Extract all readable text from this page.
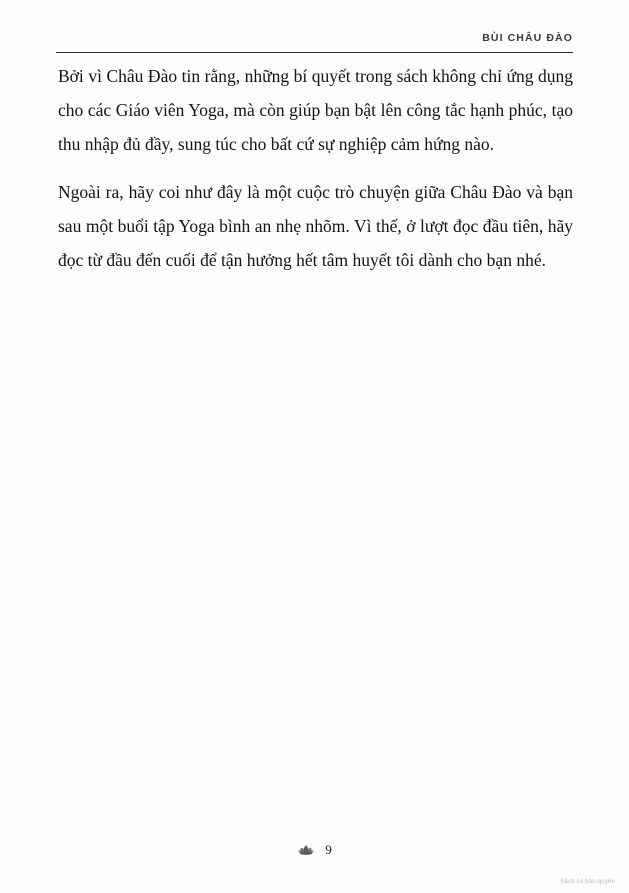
BÙI CHÂU ĐÀO

Bởi vì Châu Đào tin rằng, những bí quyết trong sách không chỉ ứng dụng cho các Giáo viên Yoga, mà còn giúp bạn bật lên công tắc hạnh phúc, tạo thu nhập đủ đầy, sung túc cho bất cứ sự nghiệp cảm hứng nào.

Ngoài ra, hãy coi như đây là một cuộc trò chuyện giữa Châu Đào và bạn sau một buổi tập Yoga bình an nhẹ nhõm. Vì thế, ở lượt đọc đầu tiên, hãy đọc từ đầu đến cuối để tận hưởng hết tâm huyết tôi dành cho bạn nhé.

9
Sách có bản quyền
